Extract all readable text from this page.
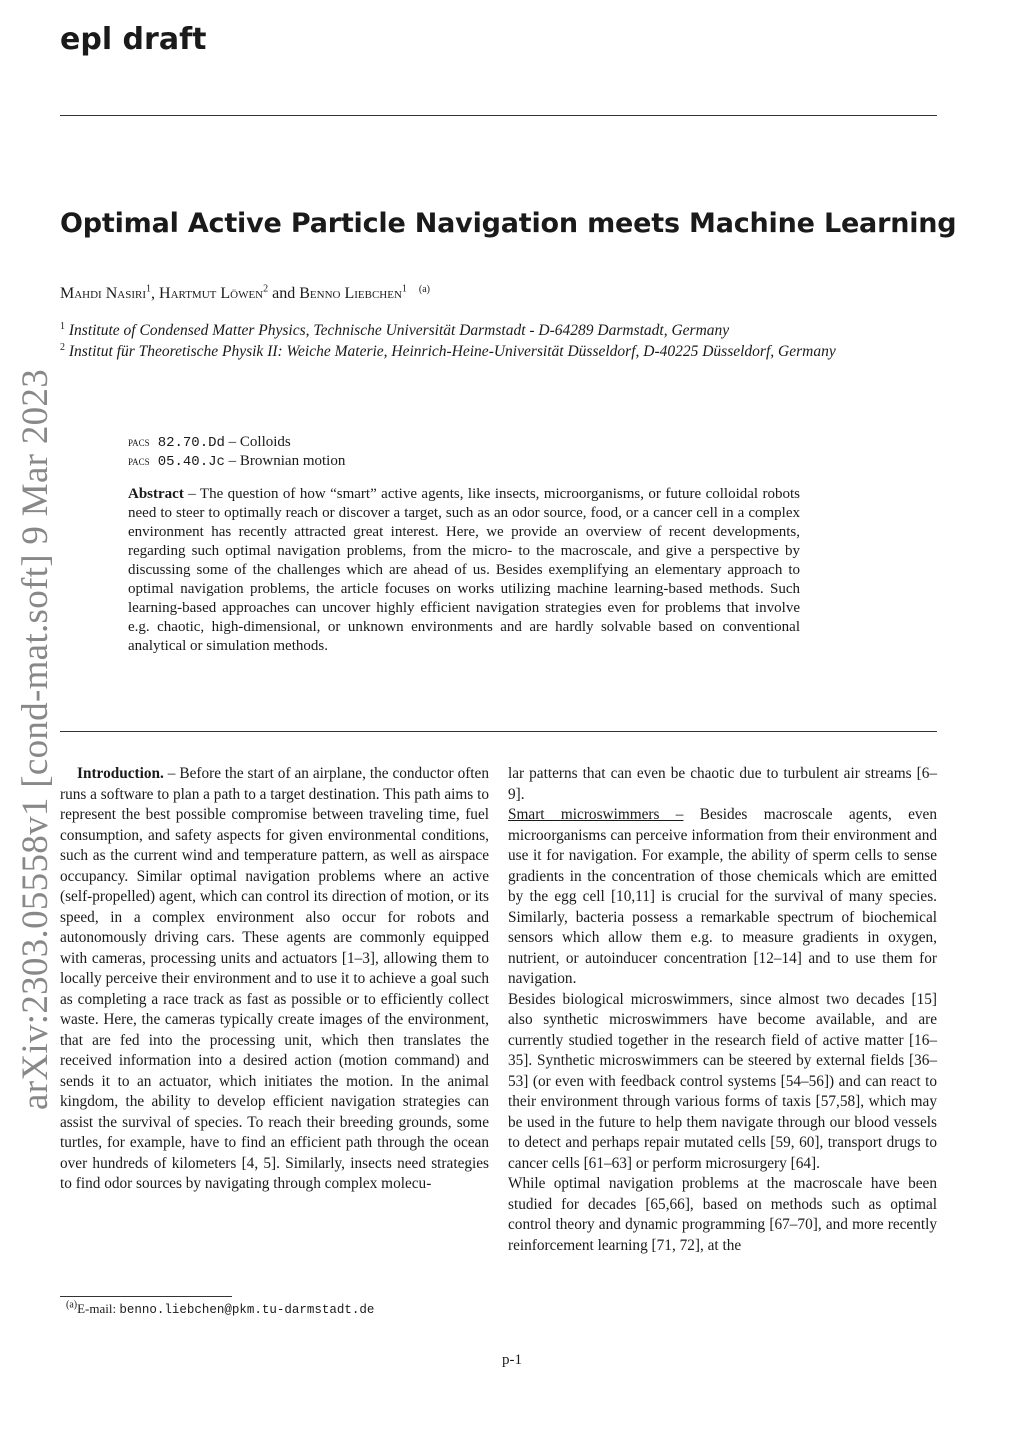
epl draft
Optimal Active Particle Navigation meets Machine Learning
Mahdi Nasiri$^1$, Hartmut Löwen$^2$ and Benno Liebchen$^1$ $^{(a)}$
$^1$ Institute of Condensed Matter Physics, Technische Universität Darmstadt - D-64289 Darmstadt, Germany
$^2$ Institut für Theoretische Physik II: Weiche Materie, Heinrich-Heine-Universität Düsseldorf, D-40225 Düsseldorf, Germany
arXiv:2303.05558v1 [cond-mat.soft] 9 Mar 2023	pacs 82.70.Dd – Colloids
pacs 05.40.Jc – Brownian motion
Abstract – The question of how “smart” active agents, like insects, microorganisms, or future colloidal robots need to steer to optimally reach or discover a target, such as an odor source, food, or a cancer cell in a complex environment has recently attracted great interest. Here, we provide an overview of recent developments, regarding such optimal navigation problems, from the micro- to the macroscale, and give a perspective by discussing some of the challenges which are ahead of us. Besides exemplifying an elementary approach to optimal navigation problems, the article focuses on works utilizing machine learning-based methods. Such learning-based approaches can uncover highly efficient navigation strategies even for problems that involve e.g. chaotic, high-dimensional, or unknown environments and are hardly solvable based on conventional analytical or simulation methods.

Introduction. – Before the start of an airplane, the conductor often runs a software to plan a path to a target destination. This path aims to represent the best possible compromise between traveling time, fuel consumption, and safety aspects for given environmental conditions, such as the current wind and temperature pattern, as well as airspace occupancy. Similar optimal navigation problems where an active (self-propelled) agent, which can control its direction of motion, or its speed, in a complex environment also occur for robots and autonomously driving cars. These agents are commonly equipped with cameras, processing units and actuators [1–3], allowing them to locally perceive their environment and to use it to achieve a goal such as completing a race track as fast as possible or to efficiently collect waste. Here, the cameras typically create images of the environment, that are fed into the processing unit, which then translates the received information into a desired action (motion command) and sends it to an actuator, which initiates the motion. In the animal kingdom, the ability to develop efficient navigation strategies can assist the survival of species. To reach their breeding grounds, some turtles, for example, have to find an efficient path through the ocean over hundreds of kilometers [4, 5]. Similarly, insects need strategies to find odor sources by navigating through complex molecu-

lar patterns that can even be chaotic due to turbulent air streams [6–9].

Smart microswimmers – Besides macroscale agents, even microorganisms can perceive information from their environment and use it for navigation. For example, the ability of sperm cells to sense gradients in the concentration of those chemicals which are emitted by the egg cell [10,11] is crucial for the survival of many species. Similarly, bacteria possess a remarkable spectrum of biochemical sensors which allow them e.g. to measure gradients in oxygen, nutrient, or autoinducer concentration [12–14] and to use them for navigation.

Besides biological microswimmers, since almost two decades [15] also synthetic microswimmers have become available, and are currently studied together in the research field of active matter [16–35]. Synthetic microswimmers can be steered by external fields [36–53] (or even with feedback control systems [54–56]) and can react to their environment through various forms of taxis [57,58], which may be used in the future to help them navigate through our blood vessels to detect and perhaps repair mutated cells [59, 60], transport drugs to cancer cells [61–63] or perform microsurgery [64].

While optimal navigation problems at the macroscale have been studied for decades [65,66], based on methods such as optimal control theory and dynamic programming [67–70], and more recently reinforcement learning [71, 72], at the

$^{(a)}$E-mail: benno.liebchen@pkm.tu-darmstadt.de
p-1
